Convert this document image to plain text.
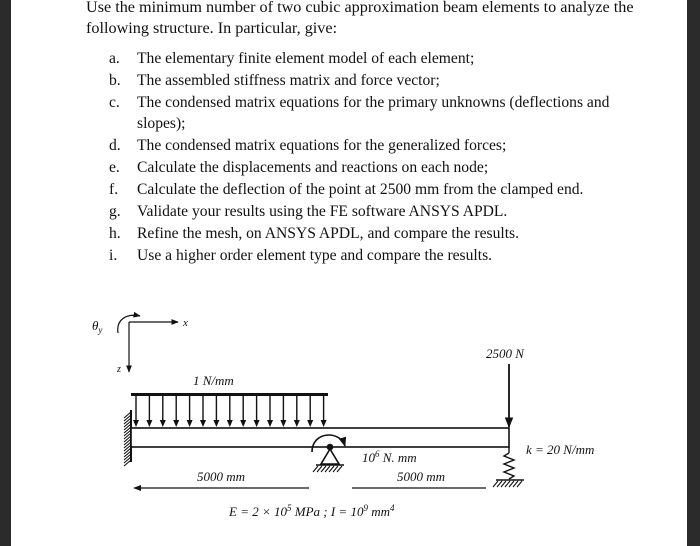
Use the minimum number of two cubic approximation beam elements to analyze the following structure. In particular, give:

a.	The elementary finite element model of each element;
b.	The assembled stiffness matrix and force vector;
c.	The condensed matrix equations for the primary unknowns (deflections and slopes);
d.	The condensed matrix equations for the generalized forces;
e.	Calculate the displacements and reactions on each node;
f.	Calculate the deflection of the point at 2500 mm from the clamped end.
g.	Validate your results using the FE software ANSYS APDL.
h.	Refine the mesh, on ANSYS APDL, and compare the results.
i.	Use a higher order element type and compare the results.
$\theta_y$
x
z
1 N/mm
$10^6$ N. mm
2500 N
k = 20 N/mm
5000 mm	5000 mm
$E = 2 \times 10^5$ MPa ; $I = 10^9$ $mm^4$
